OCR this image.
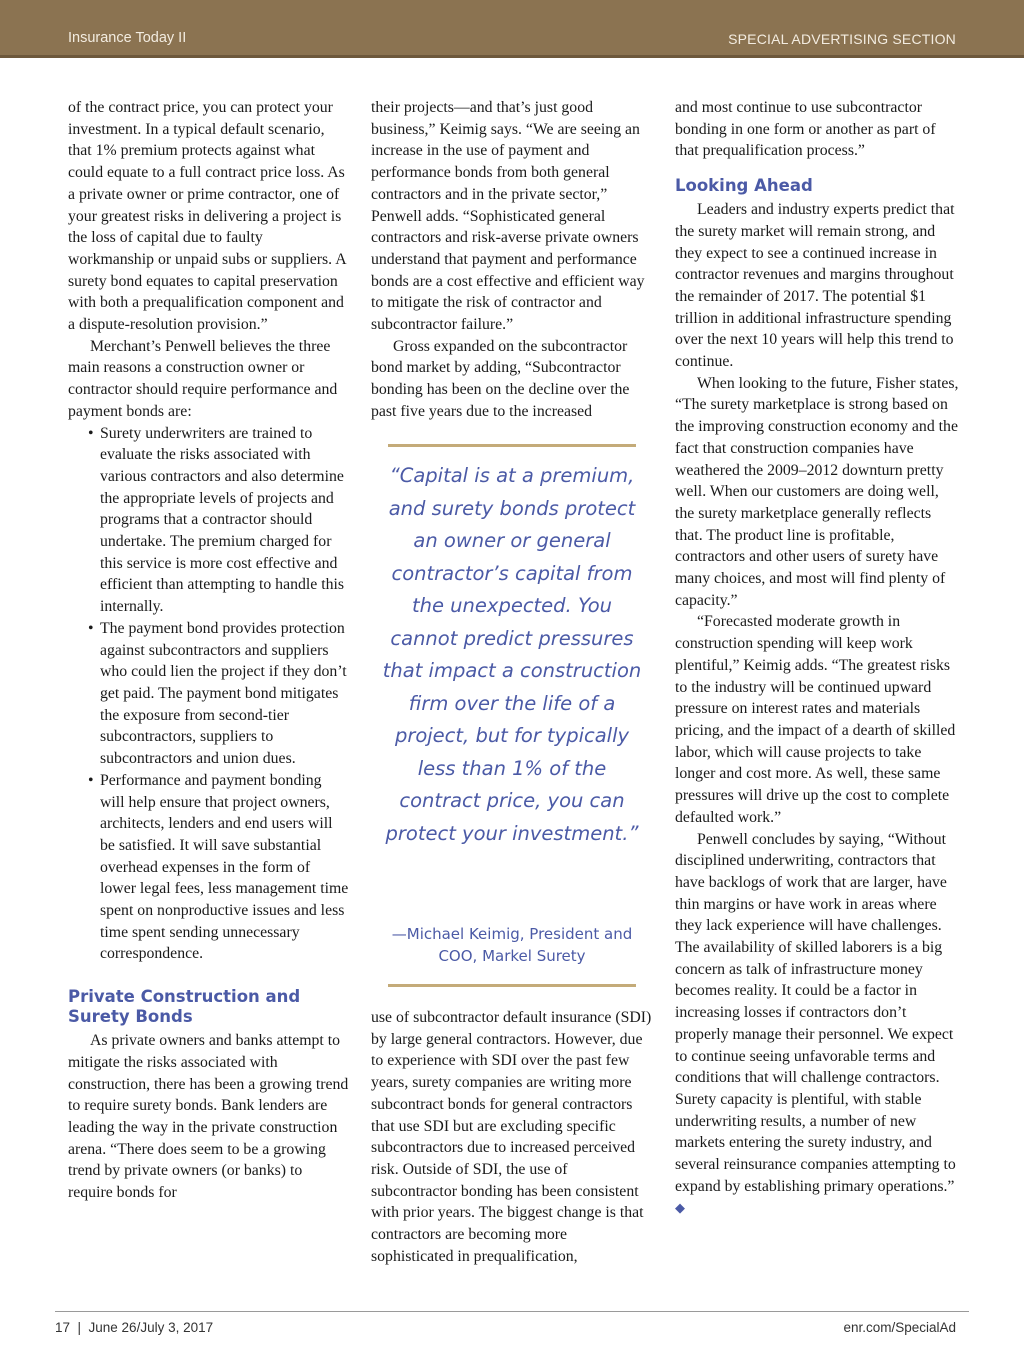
Insurance Today II	SPECIAL ADVERTISING SECTION

of the contract price, you can protect your investment. In a typical default scenario, that 1% premium protects against what could equate to a full contract price loss. As a private owner or prime contractor, one of your greatest risks in delivering a project is the loss of capital due to faulty workmanship or unpaid subs or suppliers. A surety bond equates to capital preservation with both a prequalification component and a dispute-resolution provision.”

Merchant’s Penwell believes the three main reasons a construction owner or contractor should require performance and payment bonds are:

• Surety underwriters are trained to evaluate the risks associated with various contractors and also determine the appropriate levels of projects and programs that a contractor should undertake. The premium charged for this service is more cost effective and efficient than attempting to handle this internally.
• The payment bond provides protection against subcontractors and suppliers who could lien the project if they don’t get paid. The payment bond mitigates the exposure from second-tier subcontractors, suppliers to subcontractors and union dues.
• Performance and payment bonding will help ensure that project owners, architects, lenders and end users will be satisfied. It will save substantial overhead expenses in the form of lower legal fees, less management time spent on nonproductive issues and less time spent sending unnecessary correspondence.
Private Construction and Surety Bonds

As private owners and banks attempt to mitigate the risks associated with construction, there has been a growing trend to require surety bonds. Bank lenders are leading the way in the private construction arena. “There does seem to be a growing trend by private owners (or banks) to require bonds for

their projects—and that’s just good business,” Keimig says. “We are seeing an increase in the use of payment and performance bonds from both general contractors and in the private sector,” Penwell adds. “Sophisticated general contractors and risk-averse private owners understand that payment and performance bonds are a cost effective and efficient way to mitigate the risk of contractor and subcontractor failure.”

Gross expanded on the subcontractor bond market by adding, “Subcontractor bonding has been on the decline over the past five years due to the increased

“Capital is at a premium, and surety bonds protect an owner or general contractor’s capital from the unexpected. You cannot predict pressures that impact a construction firm over the life of a project, but for typically less than 1% of the contract price, you can protect your investment.”
—Michael Keimig, President and COO, Markel Surety

use of subcontractor default insurance (SDI) by large general contractors. However, due to experience with SDI over the past few years, surety companies are writing more subcontract bonds for general contractors that use SDI but are excluding specific subcontractors due to increased perceived risk. Outside of SDI, the use of subcontractor bonding has been consistent with prior years. The biggest change is that contractors are becoming more sophisticated in prequalification,

and most continue to use subcontractor bonding in one form or another as part of that prequalification process.”

Looking Ahead

Leaders and industry experts predict that the surety market will remain strong, and they expect to see a continued increase in contractor revenues and margins throughout the remainder of 2017. The potential $1 trillion in additional infrastructure spending over the next 10 years will help this trend to continue.

When looking to the future, Fisher states, “The surety marketplace is strong based on the improving construction economy and the fact that construction companies have weathered the 2009–2012 downturn pretty well. When our customers are doing well, the surety marketplace generally reflects that. The product line is profitable, contractors and other users of surety have many choices, and most will find plenty of capacity.”

“Forecasted moderate growth in construction spending will keep work plentiful,” Keimig adds. “The greatest risks to the industry will be continued upward pressure on interest rates and materials pricing, and the impact of a dearth of skilled labor, which will cause projects to take longer and cost more. As well, these same pressures will drive up the cost to complete defaulted work.”

Penwell concludes by saying, “Without disciplined underwriting, contractors that have backlogs of work that are larger, have thin margins or have work in areas where they lack experience will have challenges. The availability of skilled laborers is a big concern as talk of infrastructure money becomes reality. It could be a factor in increasing losses if contractors don’t properly manage their personnel. We expect to continue seeing unfavorable terms and conditions that will challenge contractors. Surety capacity is plentiful, with stable underwriting results, a number of new markets entering the surety industry, and several reinsurance companies attempting to expand by establishing primary operations.” ◆

17  |  June 26/July 3, 2017	enr.com/SpecialAd
